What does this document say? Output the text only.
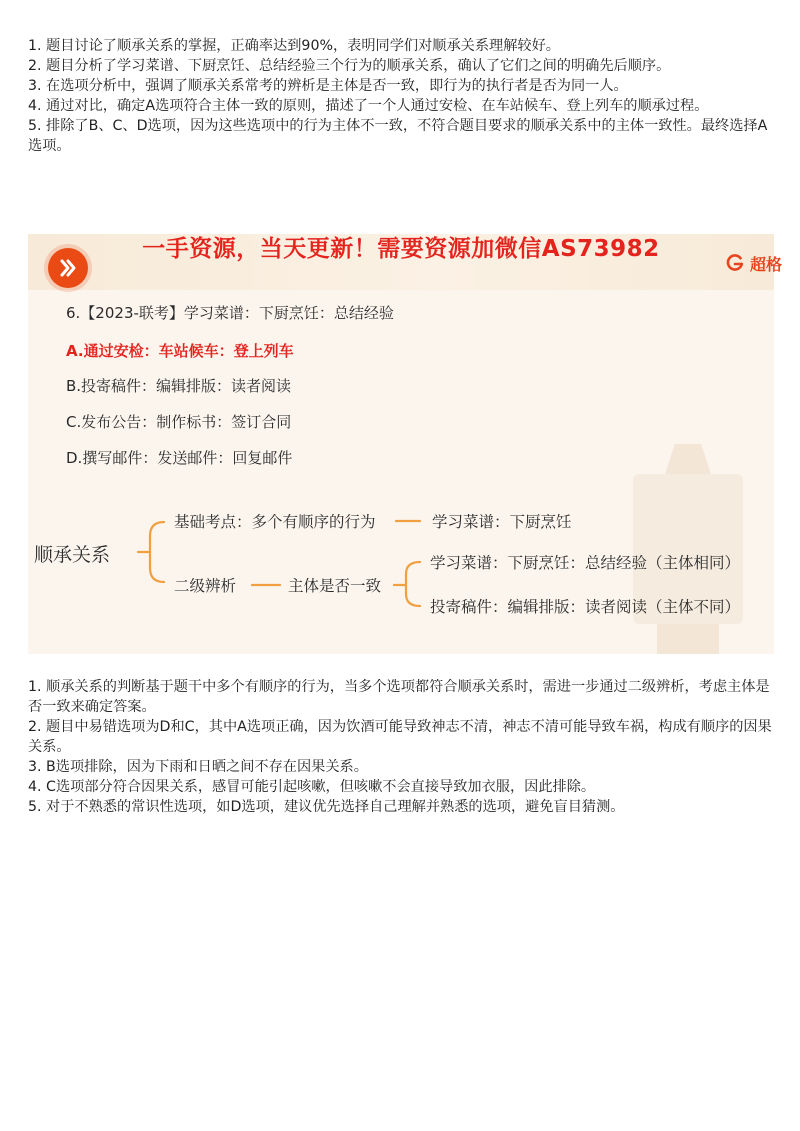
1. 题目讨论了顺承关系的掌握，正确率达到90%，表明同学们对顺承关系理解较好。

2. 题目分析了学习菜谱、下厨烹饪、总结经验三个行为的顺承关系，确认了它们之间的明确先后顺序。

3. 在选项分析中，强调了顺承关系常考的辨析是主体是否一致，即行为的执行者是否为同一人。

4. 通过对比，确定A选项符合主体一致的原则，描述了一个人通过安检、在车站候车、登上列车的顺承过程。

5. 排除了B、C、D选项，因为这些选项中的行为主体不一致，不符合题目要求的顺承关系中的主体一致性。最终选择A选项。

一手资源，当天更新！需要资源加微信AS73982
超格
6.【2023-联考】学习菜谱：下厨烹饪：总结经验
A.通过安检：车站候车：登上列车
B.投寄稿件：编辑排版：读者阅读
C.发布公告：制作标书：签订合同
D.撰写邮件：发送邮件：回复邮件
顺承关系
基础考点：多个有顺序的行为	学习菜谱：下厨烹饪
二级辨析	主体是否一致
学习菜谱：下厨烹饪：总结经验（主体相同）
投寄稿件：编辑排版：读者阅读（主体不同）

1. 顺承关系的判断基于题干中多个有顺序的行为，当多个选项都符合顺承关系时，需进一步通过二级辨析，考虑主体是否一致来确定答案。

2. 题目中易错选项为D和C，其中A选项正确，因为饮酒可能导致神志不清，神志不清可能导致车祸，构成有顺序的因果关系。

3. B选项排除，因为下雨和日晒之间不存在因果关系。

4. C选项部分符合因果关系，感冒可能引起咳嗽，但咳嗽不会直接导致加衣服，因此排除。

5. 对于不熟悉的常识性选项，如D选项，建议优先选择自己理解并熟悉的选项，避免盲目猜测。
